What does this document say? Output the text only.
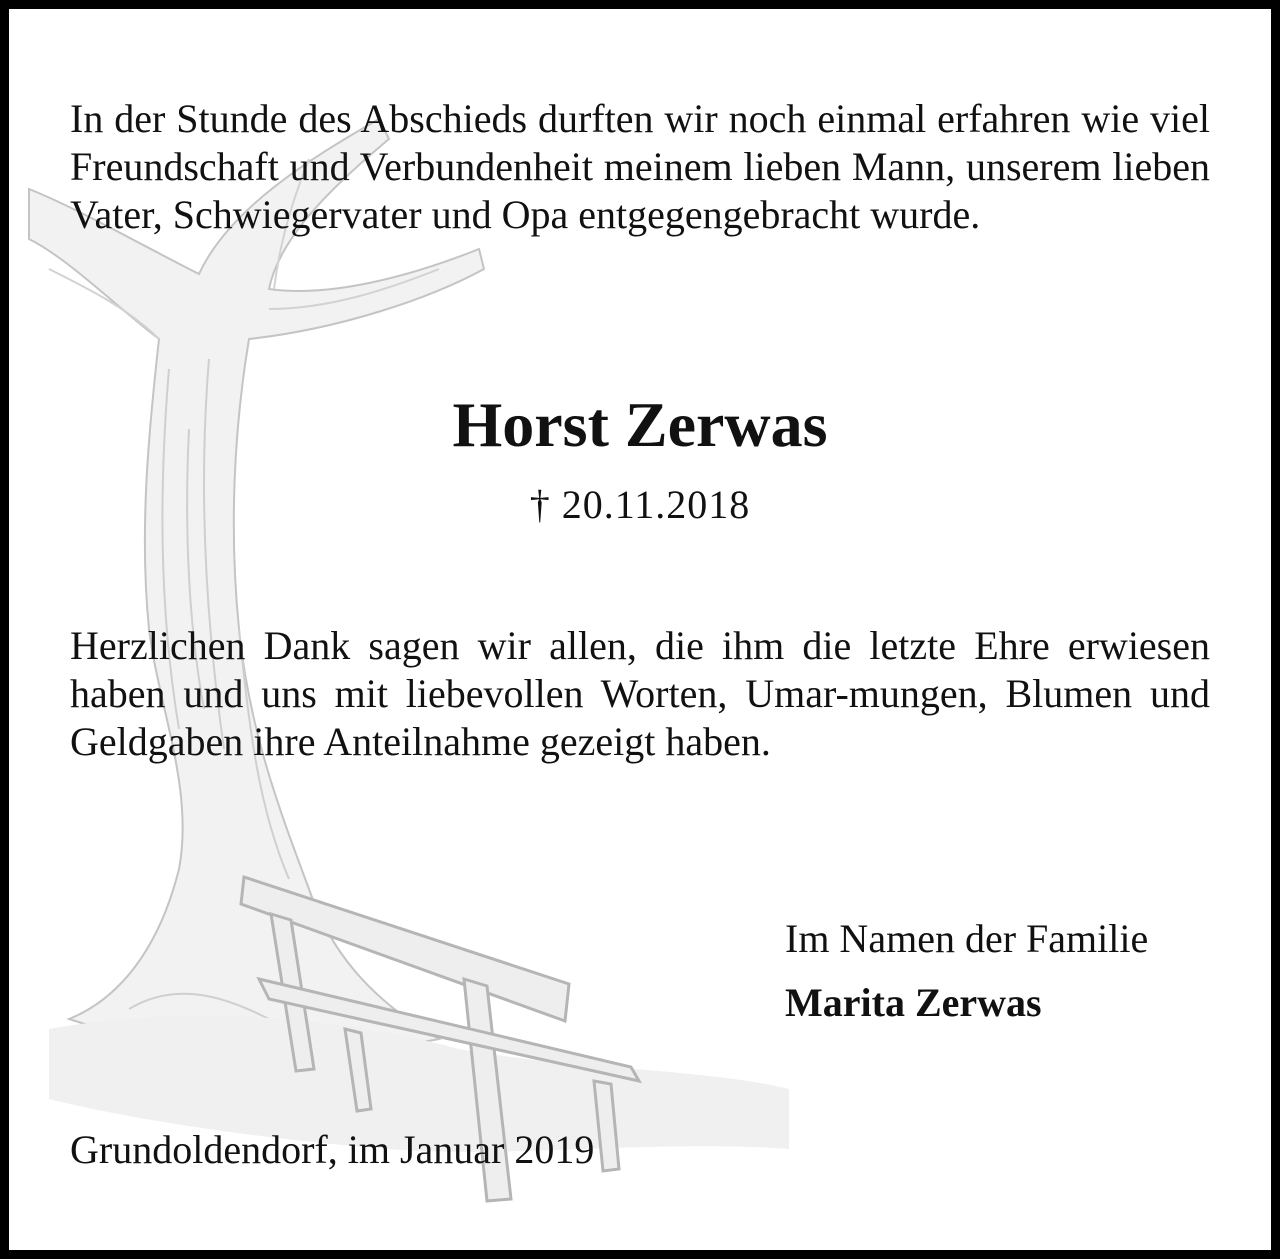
In der Stunde des Abschieds durften wir noch einmal erfahren wie viel Freundschaft und Verbundenheit meinem lieben Mann, unserem lieben Vater, Schwiegervater und Opa entgegengebracht wurde.

Horst Zerwas

† 20.11.2018

Herzlichen Dank sagen wir allen, die ihm die letzte Ehre erwiesen haben und uns mit liebevollen Worten, Umar-mungen, Blumen und Geldgaben ihre Anteilnahme gezeigt haben.

Im Namen der Familie

Marita Zerwas

Grundoldendorf, im Januar 2019
